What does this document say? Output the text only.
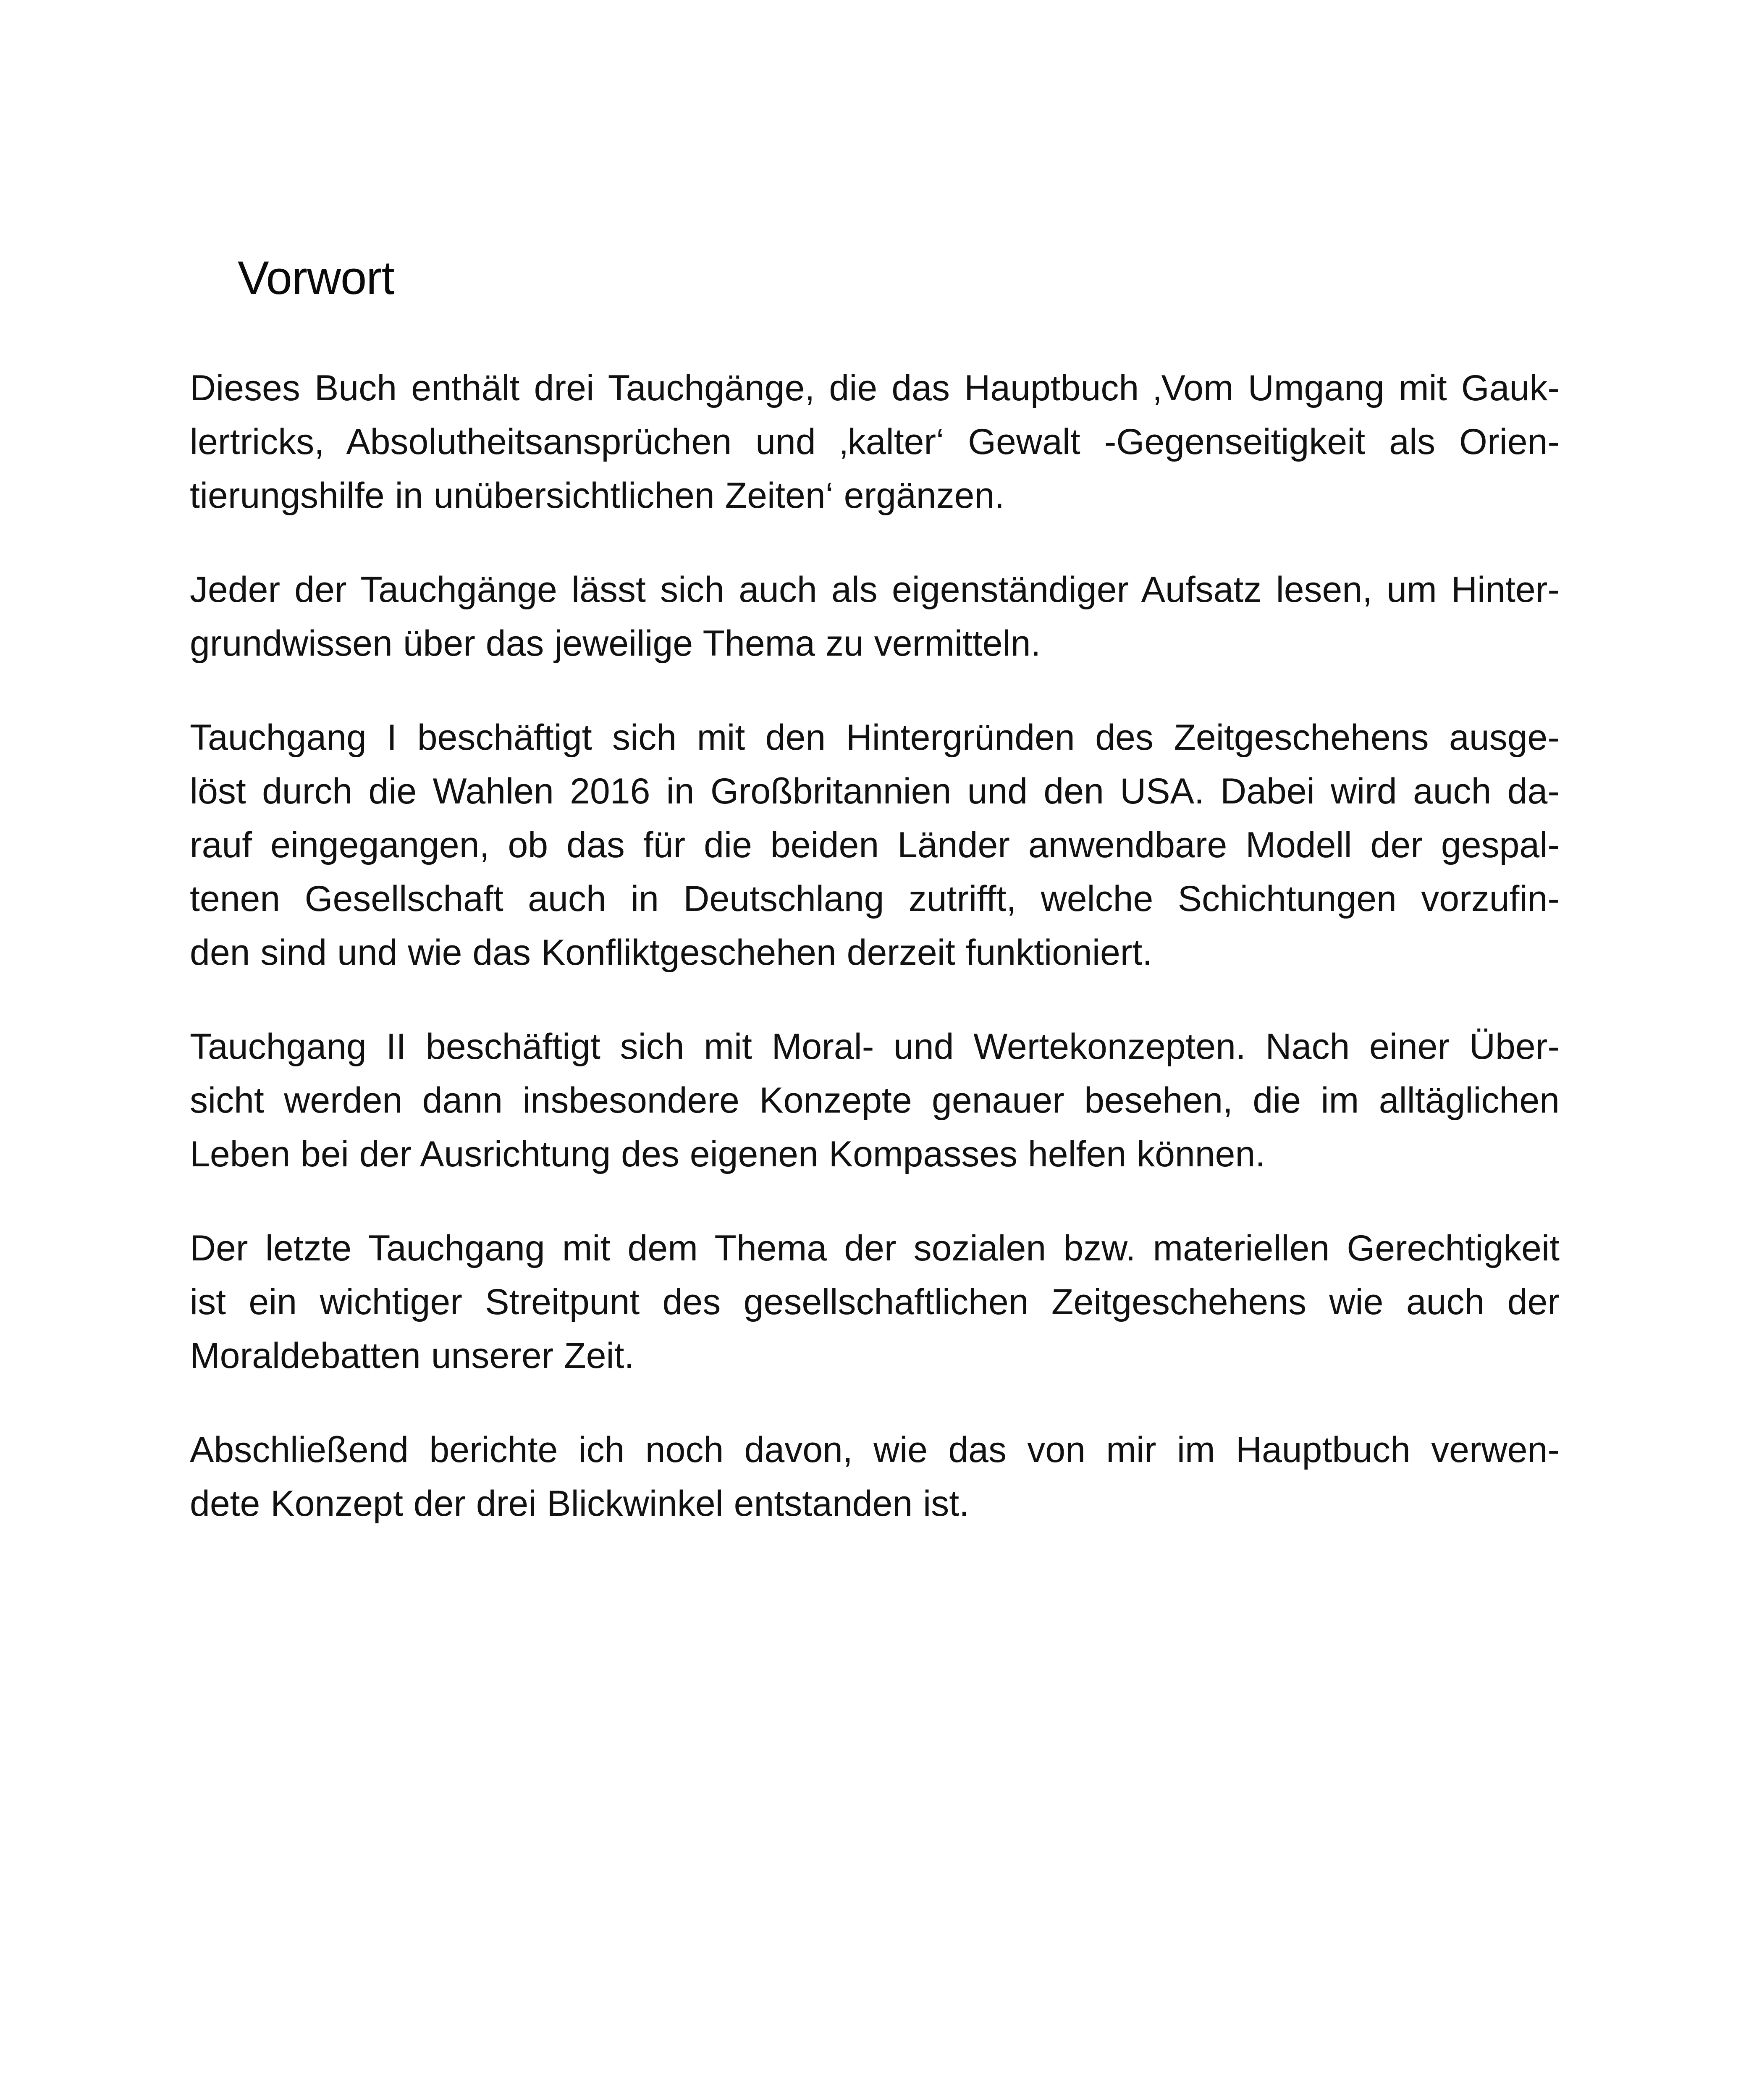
Vorwort

Dieses Buch enthält drei Tauchgänge, die das Hauptbuch ‚Vom Umgang mit Gauk-
lertricks, Absolutheitsansprüchen und ‚kalter‘ Gewalt -Gegenseitigkeit als Orien-
tierungshilfe in unübersichtlichen Zeiten‘ ergänzen.

Jeder der Tauchgänge lässt sich auch als eigenständiger Aufsatz lesen, um Hinter-
grundwissen über das jeweilige Thema zu vermitteln.

Tauchgang I beschäftigt sich mit den Hintergründen des Zeitgeschehens ausge-
löst durch die Wahlen 2016 in Großbritannien und den USA. Dabei wird auch da-
rauf eingegangen, ob das für die beiden Länder anwendbare Modell der gespal-
tenen Gesellschaft auch in Deutschlang zutrifft, welche Schichtungen vorzufin-
den sind und wie das Konfliktgeschehen derzeit funktioniert.

Tauchgang II beschäftigt sich mit Moral- und Wertekonzepten. Nach einer Über-
sicht werden dann insbesondere Konzepte genauer besehen, die im alltäglichen
Leben bei der Ausrichtung des eigenen Kompasses helfen können.

Der letzte Tauchgang mit dem Thema der sozialen bzw. materiellen Gerechtigkeit
ist ein wichtiger Streitpunt des gesellschaftlichen Zeitgeschehens wie auch der
Moraldebatten unserer Zeit.

Abschließend berichte ich noch davon, wie das von mir im Hauptbuch verwen-
dete Konzept der drei Blickwinkel entstanden ist.
